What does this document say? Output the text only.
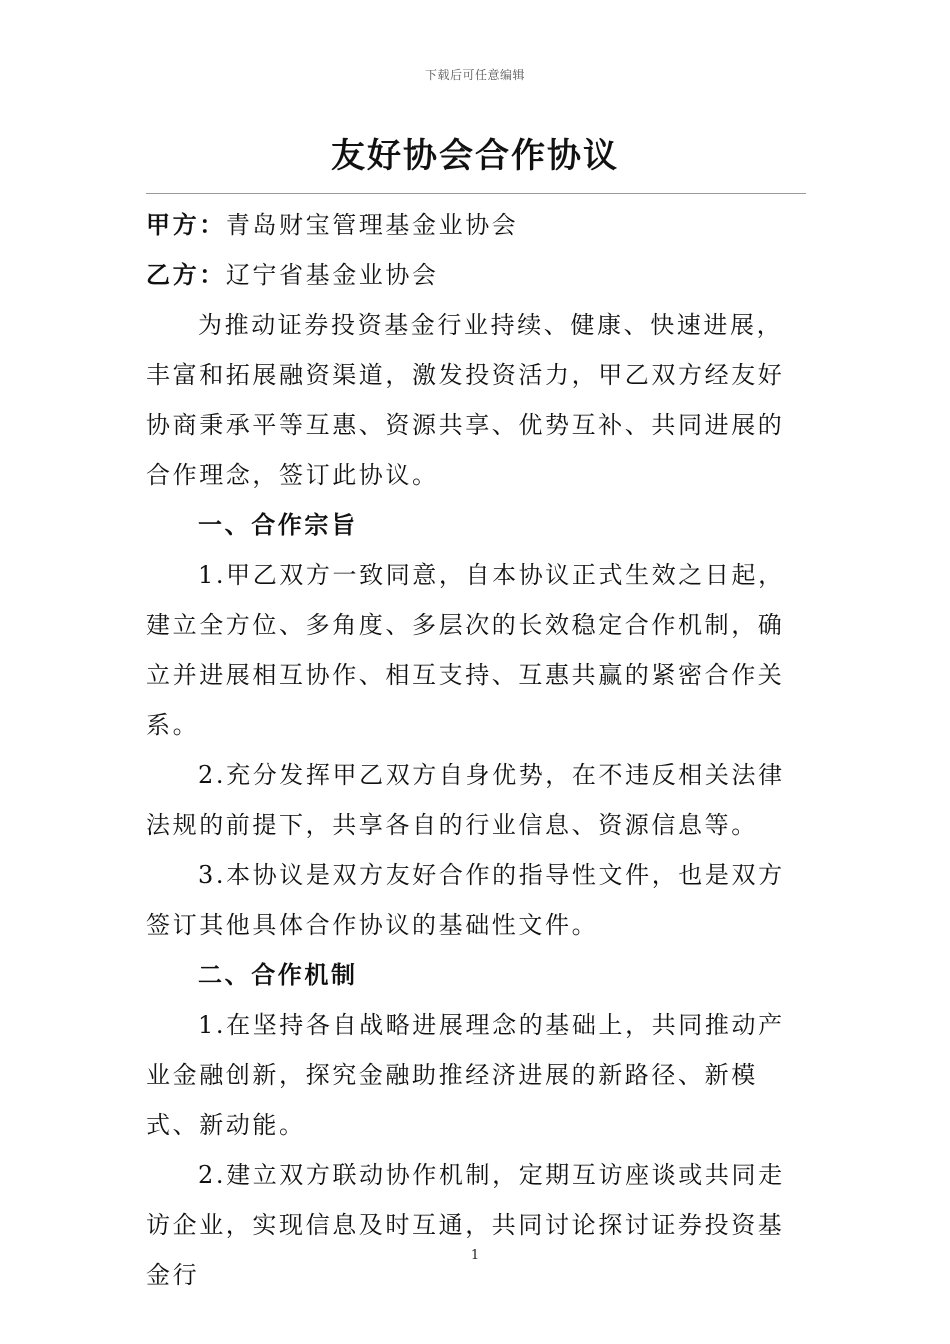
下载后可任意编辑
友好协会合作协议

甲方：青岛财宝管理基金业协会

乙方：辽宁省基金业协会

为推动证券投资基金行业持续、健康、快速进展，丰富和拓展融资渠道，激发投资活力，甲乙双方经友好协商秉承平等互惠、资源共享、优势互补、共同进展的合作理念，签订此协议。

一、合作宗旨

1.甲乙双方一致同意，自本协议正式生效之日起，建立全方位、多角度、多层次的长效稳定合作机制，确立并进展相互协作、相互支持、互惠共赢的紧密合作关系。

2.充分发挥甲乙双方自身优势，在不违反相关法律法规的前提下，共享各自的行业信息、资源信息等。

3.本协议是双方友好合作的指导性文件，也是双方签订其他具体合作协议的基础性文件。

二、合作机制

1.在坚持各自战略进展理念的基础上，共同推动产业金融创新，探究金融助推经济进展的新路径、新模式、新动能。

2.建立双方联动协作机制，定期互访座谈或共同走访企业，实现信息及时互通，共同讨论探讨证券投资基金行

1
